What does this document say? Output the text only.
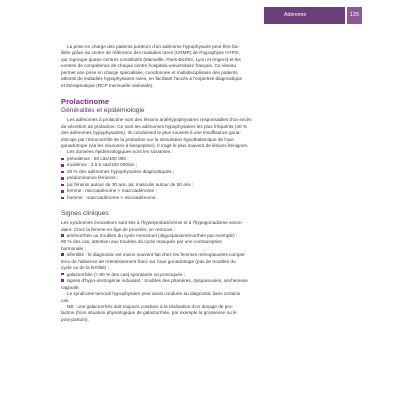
Adénome hypophysaire
125

La prise en charge des patients porteurs d'un adénome hypophysaire peut être fac-

ilitée grâce au centre de référence des maladies rares (CRMR) de l'hypophyse HYPO,

qui regroupe quatre centres constitutifs (Marseille, Paris-Bicêtre, Lyon et Angers) et les

centres de compétence de chaque centre hospitalo-universitaire français. Ce réseau

permet une prise en charge spécialisée, coordonnée et multidisciplinaire des patients

atteints de maladies hypophysaires rares, en facilitant l'accès à l'expertise diagnostique

et thérapeutique (RCP mensuelle nationale).

Prolactinome
Généralités et épidémiologie

Les adénomes à prolactine sont des lésions antéhypophysaires responsables d'un excès

de sécrétion de prolactine. Ce sont les adénomes hypophysaires les plus fréquents (40 %

des adénomes hypophysaires). Ils conduisent le plus souvent à une insuffisance gona-

dotrope par rétrocontrôle de la prolactine sur la stimulation hypothalamique de l'axe

gonadotrope (via les neurones à kisspeptine). Il s'agit le plus souvent de lésions bénignes.

Les données épidémiologiques sont les suivantes :

prévalence : 50 cas/100 000 ;

incidence : 3 à 5 cas/100 000/an ;

50 % des adénomes hypophysaires diagnostiqués ;

prédominance féminine ;

pic féminin autour de 30 ans, pic masculin autour de 50 ans ;

femme : microadénome > macroadénome ;

homme : macroadénome > microadénome.

Signes cliniques

Les syndromes évocateurs sont liés à l'hyperprolactinémie et à l'hypogonadisme secon-

daire. Chez la femme en âge de procréer, on retrouve :

aménorrhée ou troubles du cycle menstruel (oligospanioménorrhée par exemple) :

90 % des cas, attention aux troubles du cycle masqués par une contraception

hormonale ;

infertilité : le diagnostic est moins souvent fait chez les femmes ménopausées compte

tenu de l'absence de retentissement franc sur l'axe gonadotrope (pas de troubles du

cycle ou de la fertilité) ;

galactorrhée (> 80 % des cas) spontanée ou provoquée ;

signes d'hypo-œstrogénie induisant : troubles des phanères, dyspareunies, sécheresse

vaginale.

Le syndrome tumoral hypophysaire peut aussi conduire au diagnostic dans certains

cas.

NB : une galactorrhée doit toujours conduire à la réalisation d'un dosage de pro-

lactine (hors situation physiologique de galactorrhée, par exemple la grossesse ou le

post-partum).
